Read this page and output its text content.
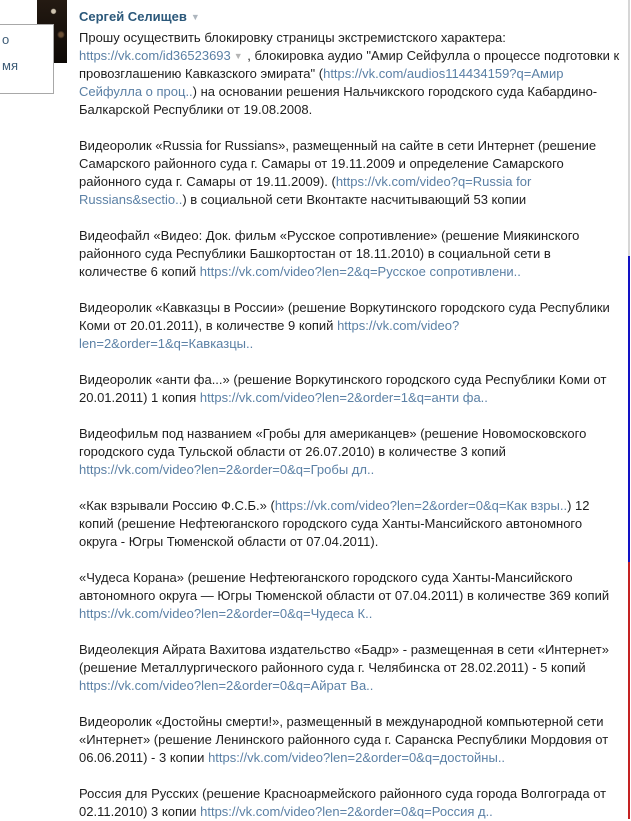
о
мя
Сергей Селищев ▼

Прошу осуществить блокировку страницы экстремистского характера: https://vk.com/id36523693 ▼ , блокировка аудио "Амир Сейфулла о процессе подготовки к провозглашению Кавказского эмирата" (https://vk.com/audios114434159?q=Амир Сейфулла о проц..) на основании решения Нальчикского городского суда Кабардино-Балкарской Республики от 19.08.2008.

Видеоролик «Russia for Russians», размещенный на сайте в сети Интернет (решение Самарского районного суда г. Самары от 19.11.2009 и определение Самарского районного суда г. Самары от 19.11.2009). (https://vk.com/video?q=Russia for Russians&sectio..) в социальной сети Вконтакте насчитывающий 53 копии

Видеофайл «Видео: Док. фильм «Русское сопротивление» (решение Миякинского районного суда Республики Башкортостан от 18.11.2010) в социальной сети в количестве 6 копий https://vk.com/video?len=2&q=Русское сопротивлени..

Видеоролик «Кавказцы в России» (решение Воркутинского городского суда Республики Коми от 20.01.2011), в количестве 9 копий https://vk.com/video?len=2&order=1&q=Кавказцы..

Видеоролик «анти фа...» (решение Воркутинского городского суда Республики Коми от 20.01.2011) 1 копия https://vk.com/video?len=2&order=1&q=анти фа..

Видеофильм под названием «Гробы для американцев» (решение Новомосковского городского суда Тульской области от 26.07.2010) в количестве 3 копий https://vk.com/video?len=2&order=0&q=Гробы дл..

«Как взрывали Россию Ф.С.Б.» (https://vk.com/video?len=2&order=0&q=Как взры..) 12 копий (решение Нефтеюганского городского суда Ханты-Мансийского автономного округа - Югры Тюменской области от 07.04.2011).

«Чудеса Корана» (решение Нефтеюганского городского суда Ханты-Мансийского автономного округа — Югры Тюменской области от 07.04.2011) в количестве 369 копий https://vk.com/video?len=2&order=0&q=Чудеса К..

Видеолекция Айрата Вахитова издательство «Бадр» - размещенная в сети «Интернет» (решение Металлургического районного суда г. Челябинска от 28.02.2011) - 5 копий https://vk.com/video?len=2&order=0&q=Айрат Ва..

Видеоролик «Достойны смерти!», размещенный в международной компьютерной сети «Интернет» (решение Ленинского районного суда г. Саранска Республики Мордовия от 06.06.2011) - 3 копии https://vk.com/video?len=2&order=0&q=достойны..

Россия для Русских (решение Красноармейского районного суда города Волгограда от 02.11.2010) 3 копии https://vk.com/video?len=2&order=0&q=Россия д..
